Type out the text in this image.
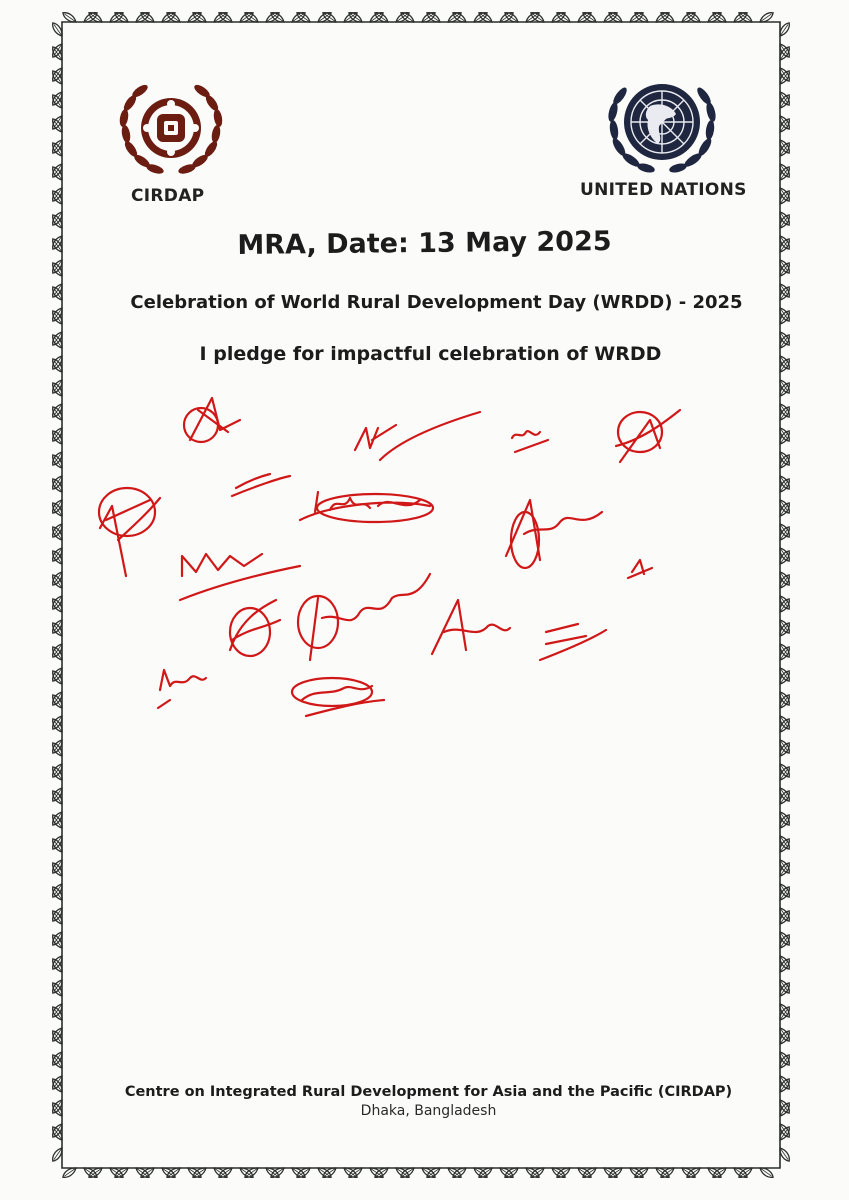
CIRDAP	UNITED NATIONS
MRA, Date: 13 May 2025
Celebration of World Rural Development Day (WRDD) - 2025
I pledge for impactful celebration of WRDD
Centre on Integrated Rural Development for Asia and the Pacific (CIRDAP)
Dhaka, Bangladesh
